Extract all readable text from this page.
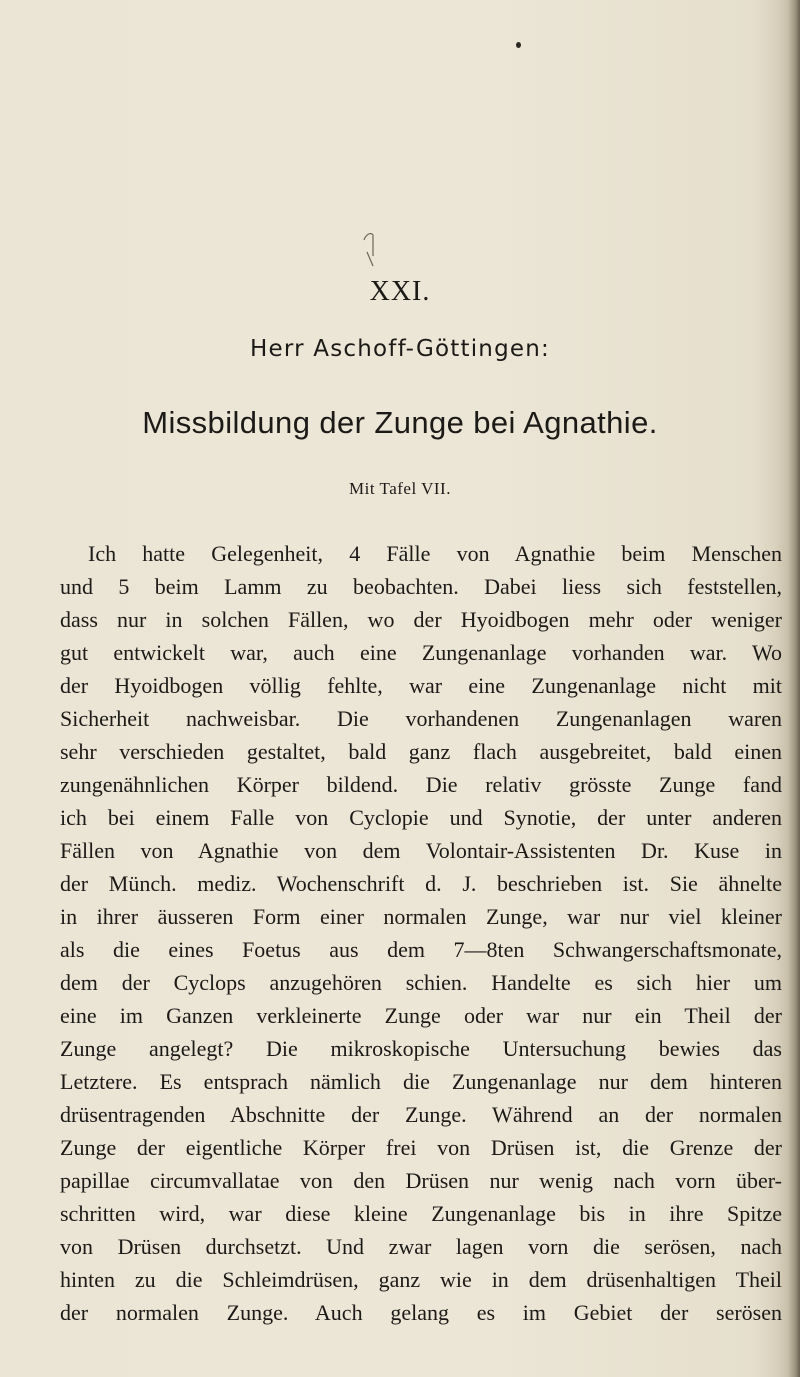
XXI.
Herr Aschoff-Göttingen:
Missbildung der Zunge bei Agnathie.
Mit Tafel VII.
Ich hatte Gelegenheit, 4 Fälle von Agnathie beim Menschen
und 5 beim Lamm zu beobachten. Dabei liess sich feststellen,
dass nur in solchen Fällen, wo der Hyoidbogen mehr oder weniger
gut entwickelt war, auch eine Zungenanlage vorhanden war. Wo
der Hyoidbogen völlig fehlte, war eine Zungenanlage nicht mit
Sicherheit nachweisbar. Die vorhandenen Zungenanlagen waren
sehr verschieden gestaltet, bald ganz flach ausgebreitet, bald einen
zungenähnlichen Körper bildend. Die relativ grösste Zunge fand
ich bei einem Falle von Cyclopie und Synotie, der unter anderen
Fällen von Agnathie von dem Volontair-Assistenten Dr. Kuse in
der Münch. mediz. Wochenschrift d. J. beschrieben ist. Sie ähnelte
in ihrer äusseren Form einer normalen Zunge, war nur viel kleiner
als die eines Foetus aus dem 7—8ten Schwangerschaftsmonate,
dem der Cyclops anzugehören schien. Handelte es sich hier um
eine im Ganzen verkleinerte Zunge oder war nur ein Theil der
Zunge angelegt? Die mikroskopische Untersuchung bewies das
Letztere. Es entsprach nämlich die Zungenanlage nur dem hinteren
drüsentragenden Abschnitte der Zunge. Während an der normalen
Zunge der eigentliche Körper frei von Drüsen ist, die Grenze der
papillae circumvallatae von den Drüsen nur wenig nach vorn über-
schritten wird, war diese kleine Zungenanlage bis in ihre Spitze
von Drüsen durchsetzt. Und zwar lagen vorn die serösen, nach
hinten zu die Schleimdrüsen, ganz wie in dem drüsenhaltigen Theil
der normalen Zunge. Auch gelang es im Gebiet der serösen
